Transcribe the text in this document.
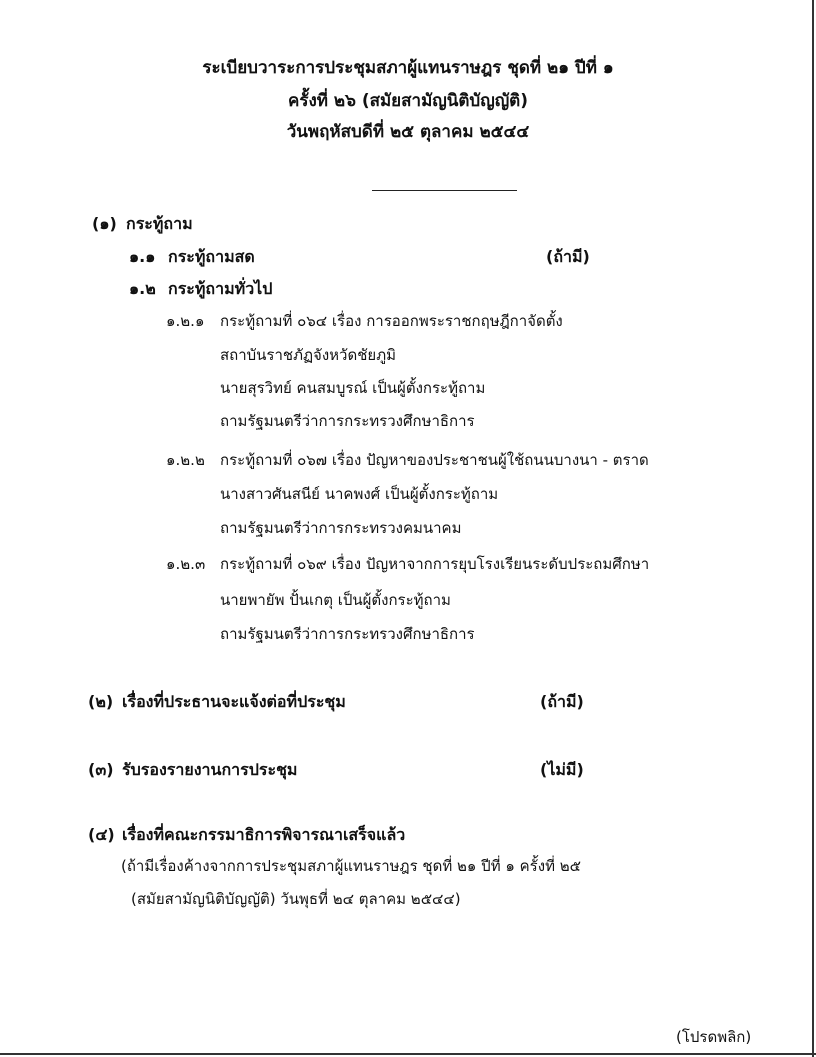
ระเบียบวาระการประชุมสภาผู้แทนราษฎร ชุดที่ ๒๑ ปีที่ ๑
ครั้งที่ ๒๖ (สมัยสามัญนิติบัญญัติ)
วันพฤหัสบดีที่ ๒๕ ตุลาคม ๒๕๔๔
(๑) กระทู้ถาม
๑.๑ กระทู้ถามสด	(ถ้ามี)
๑.๒ กระทู้ถามทั่วไป
๑.๒.๑ กระทู้ถามที่ ๐๖๔ เรื่อง การออกพระราชกฤษฎีกาจัดตั้ง
สถาบันราชภัฏจังหวัดชัยภูมิ
นายสุรวิทย์ คนสมบูรณ์ เป็นผู้ตั้งกระทู้ถาม
ถามรัฐมนตรีว่าการกระทรวงศึกษาธิการ
๑.๒.๒ กระทู้ถามที่ ๐๖๗ เรื่อง ปัญหาของประชาชนผู้ใช้ถนนบางนา - ตราด
นางสาวศันสนีย์ นาคพงศ์ เป็นผู้ตั้งกระทู้ถาม
ถามรัฐมนตรีว่าการกระทรวงคมนาคม
๑.๒.๓ กระทู้ถามที่ ๐๖๙ เรื่อง ปัญหาจากการยุบโรงเรียนระดับประถมศึกษา
นายพายัพ ปั้นเกตุ เป็นผู้ตั้งกระทู้ถาม
ถามรัฐมนตรีว่าการกระทรวงศึกษาธิการ
(๒) เรื่องที่ประธานจะแจ้งต่อที่ประชุม	(ถ้ามี)
(๓) รับรองรายงานการประชุม	(ไม่มี)
(๔) เรื่องที่คณะกรรมาธิการพิจารณาเสร็จแล้ว
(ถ้ามีเรื่องค้างจากการประชุมสภาผู้แทนราษฎร ชุดที่ ๒๑ ปีที่ ๑ ครั้งที่ ๒๕
(สมัยสามัญนิติบัญญัติ) วันพุธที่ ๒๔ ตุลาคม ๒๕๔๔)
(โปรดพลิก)
